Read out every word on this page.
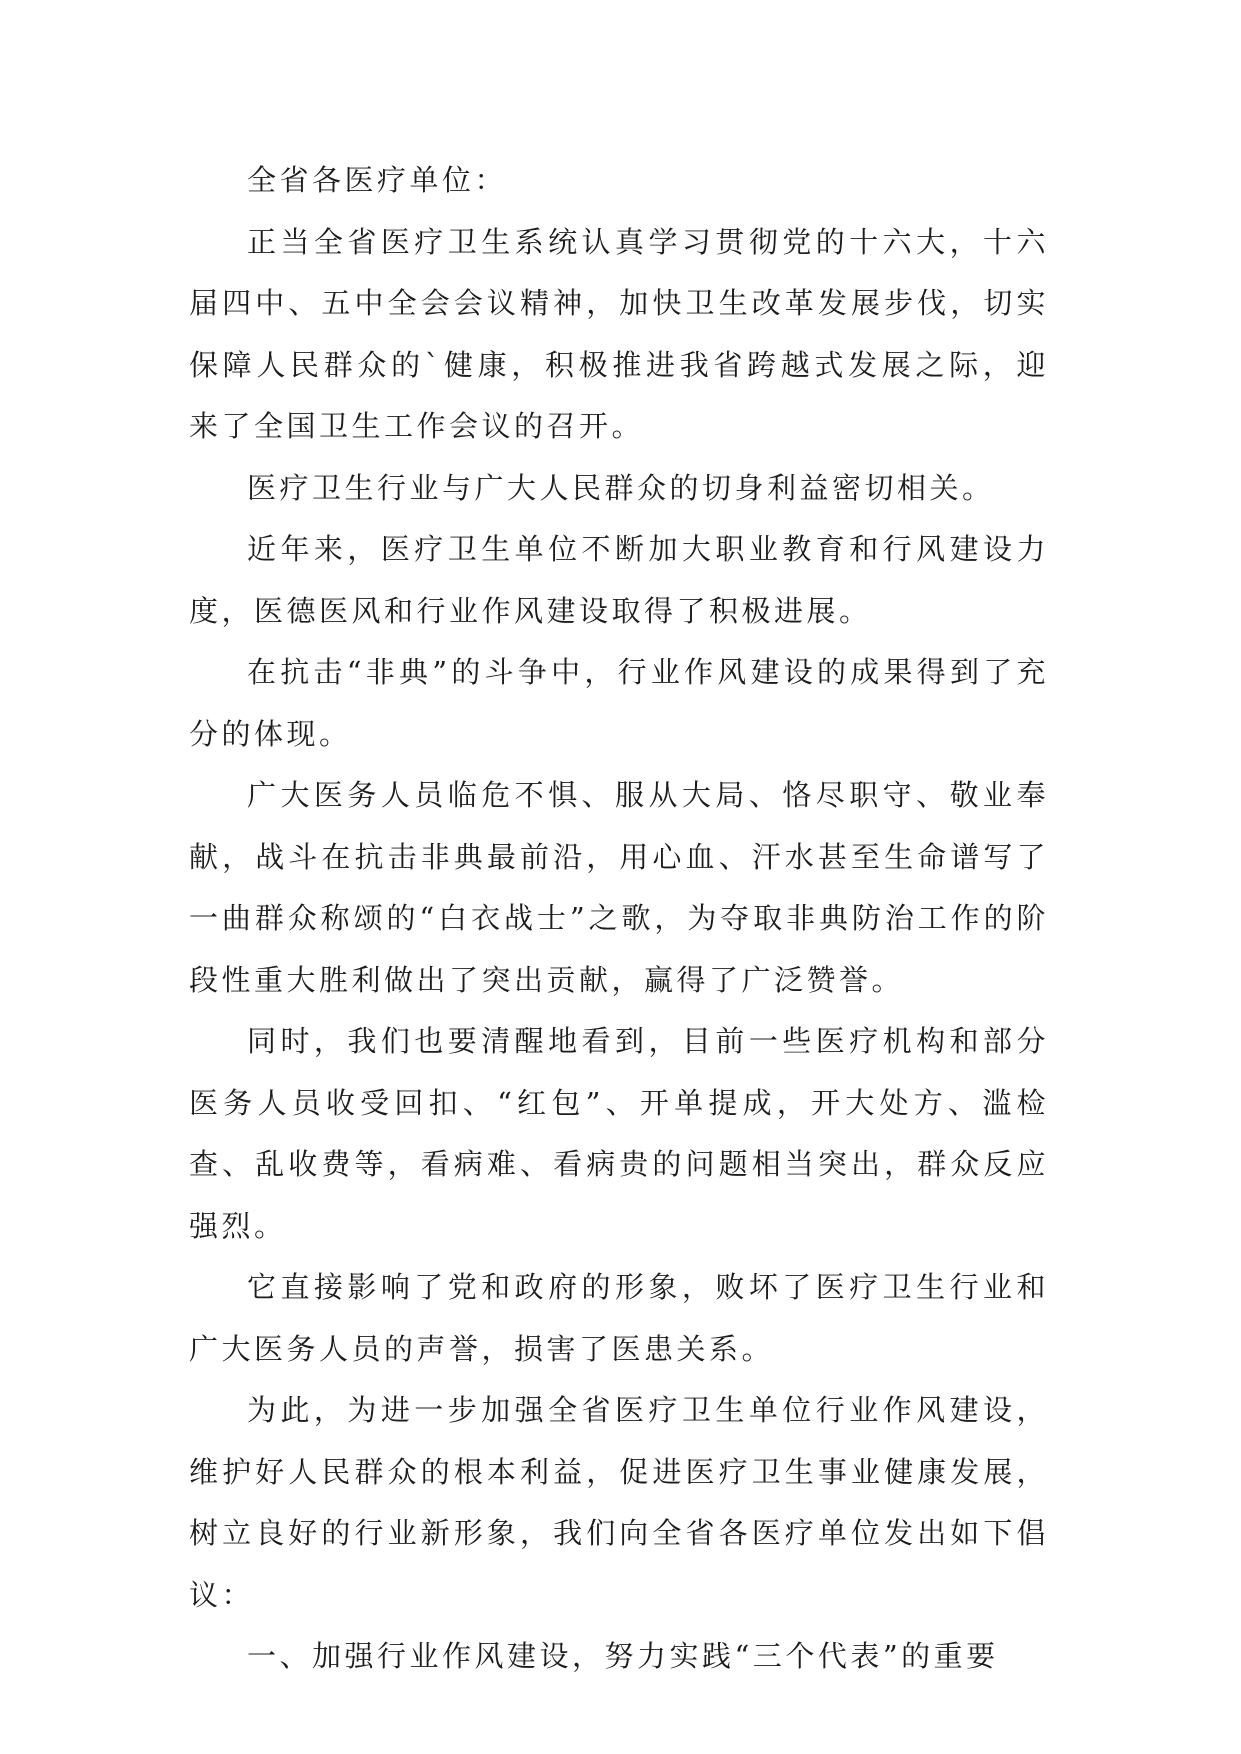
全省各医疗单位：

正当全省医疗卫生系统认真学习贯彻党的十六大，十六届四中、五中全会会议精神，加快卫生改革发展步伐，切实保障人民群众的`健康，积极推进我省跨越式发展之际，迎来了全国卫生工作会议的召开。

医疗卫生行业与广大人民群众的切身利益密切相关。

近年来，医疗卫生单位不断加大职业教育和行风建设力度，医德医风和行业作风建设取得了积极进展。

在抗击“非典”的斗争中，行业作风建设的成果得到了充分的体现。

广大医务人员临危不惧、服从大局、恪尽职守、敬业奉献，战斗在抗击非典最前沿，用心血、汗水甚至生命谱写了一曲群众称颂的“白衣战士”之歌，为夺取非典防治工作的阶段性重大胜利做出了突出贡献，赢得了广泛赞誉。

同时，我们也要清醒地看到，目前一些医疗机构和部分医务人员收受回扣、“红包”、开单提成，开大处方、滥检查、乱收费等，看病难、看病贵的问题相当突出，群众反应强烈。

它直接影响了党和政府的形象，败坏了医疗卫生行业和广大医务人员的声誉，损害了医患关系。

为此，为进一步加强全省医疗卫生单位行业作风建设，维护好人民群众的根本利益，促进医疗卫生事业健康发展，树立良好的行业新形象，我们向全省各医疗单位发出如下倡议：

一、加强行业作风建设，努力实践“三个代表”的重要
